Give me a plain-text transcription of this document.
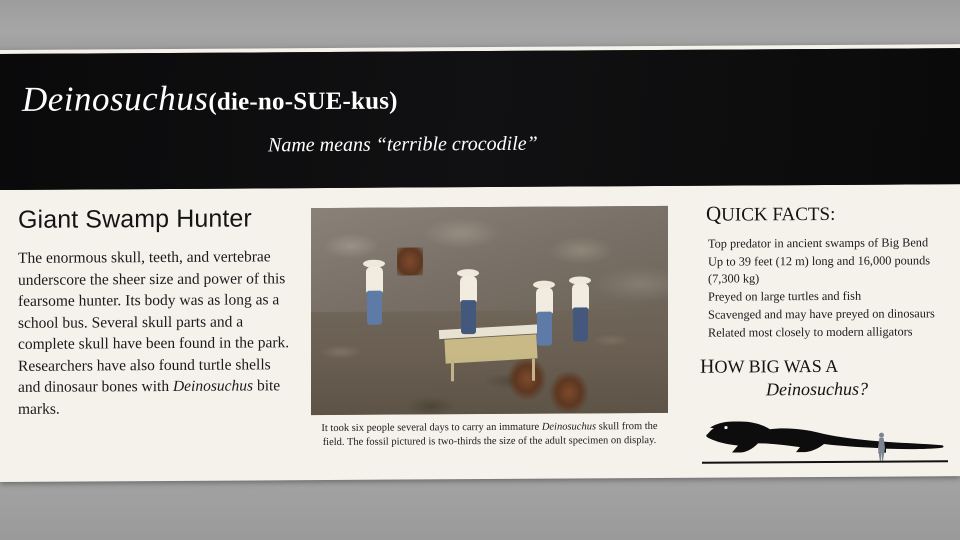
Deinosuchus(die-no-SUE-kus)
Name means “terrible crocodile”
Giant Swamp Hunter

The enormous skull, teeth, and vertebrae underscore the sheer size and power of this fearsome hunter. Its body was as long as a school bus. Several skull parts and a complete skull have been found in the park. Researchers have also found turtle shells and dinosaur bones with Deinosuchus bite marks.

It took six people several days to carry an immature Deinosuchus skull from the field. The fossil pictured is two-thirds the size of the adult specimen on display.
QUICK FACTS:
Top predator in ancient swamps of Big Bend
Up to 39 feet (12 m) long and 16,000 pounds (7,300 kg)
Preyed on large turtles and fish
Scavenged and may have preyed on dinosaurs
Related most closely to modern alligators
HOW BIG WAS A
Deinosuchus?
